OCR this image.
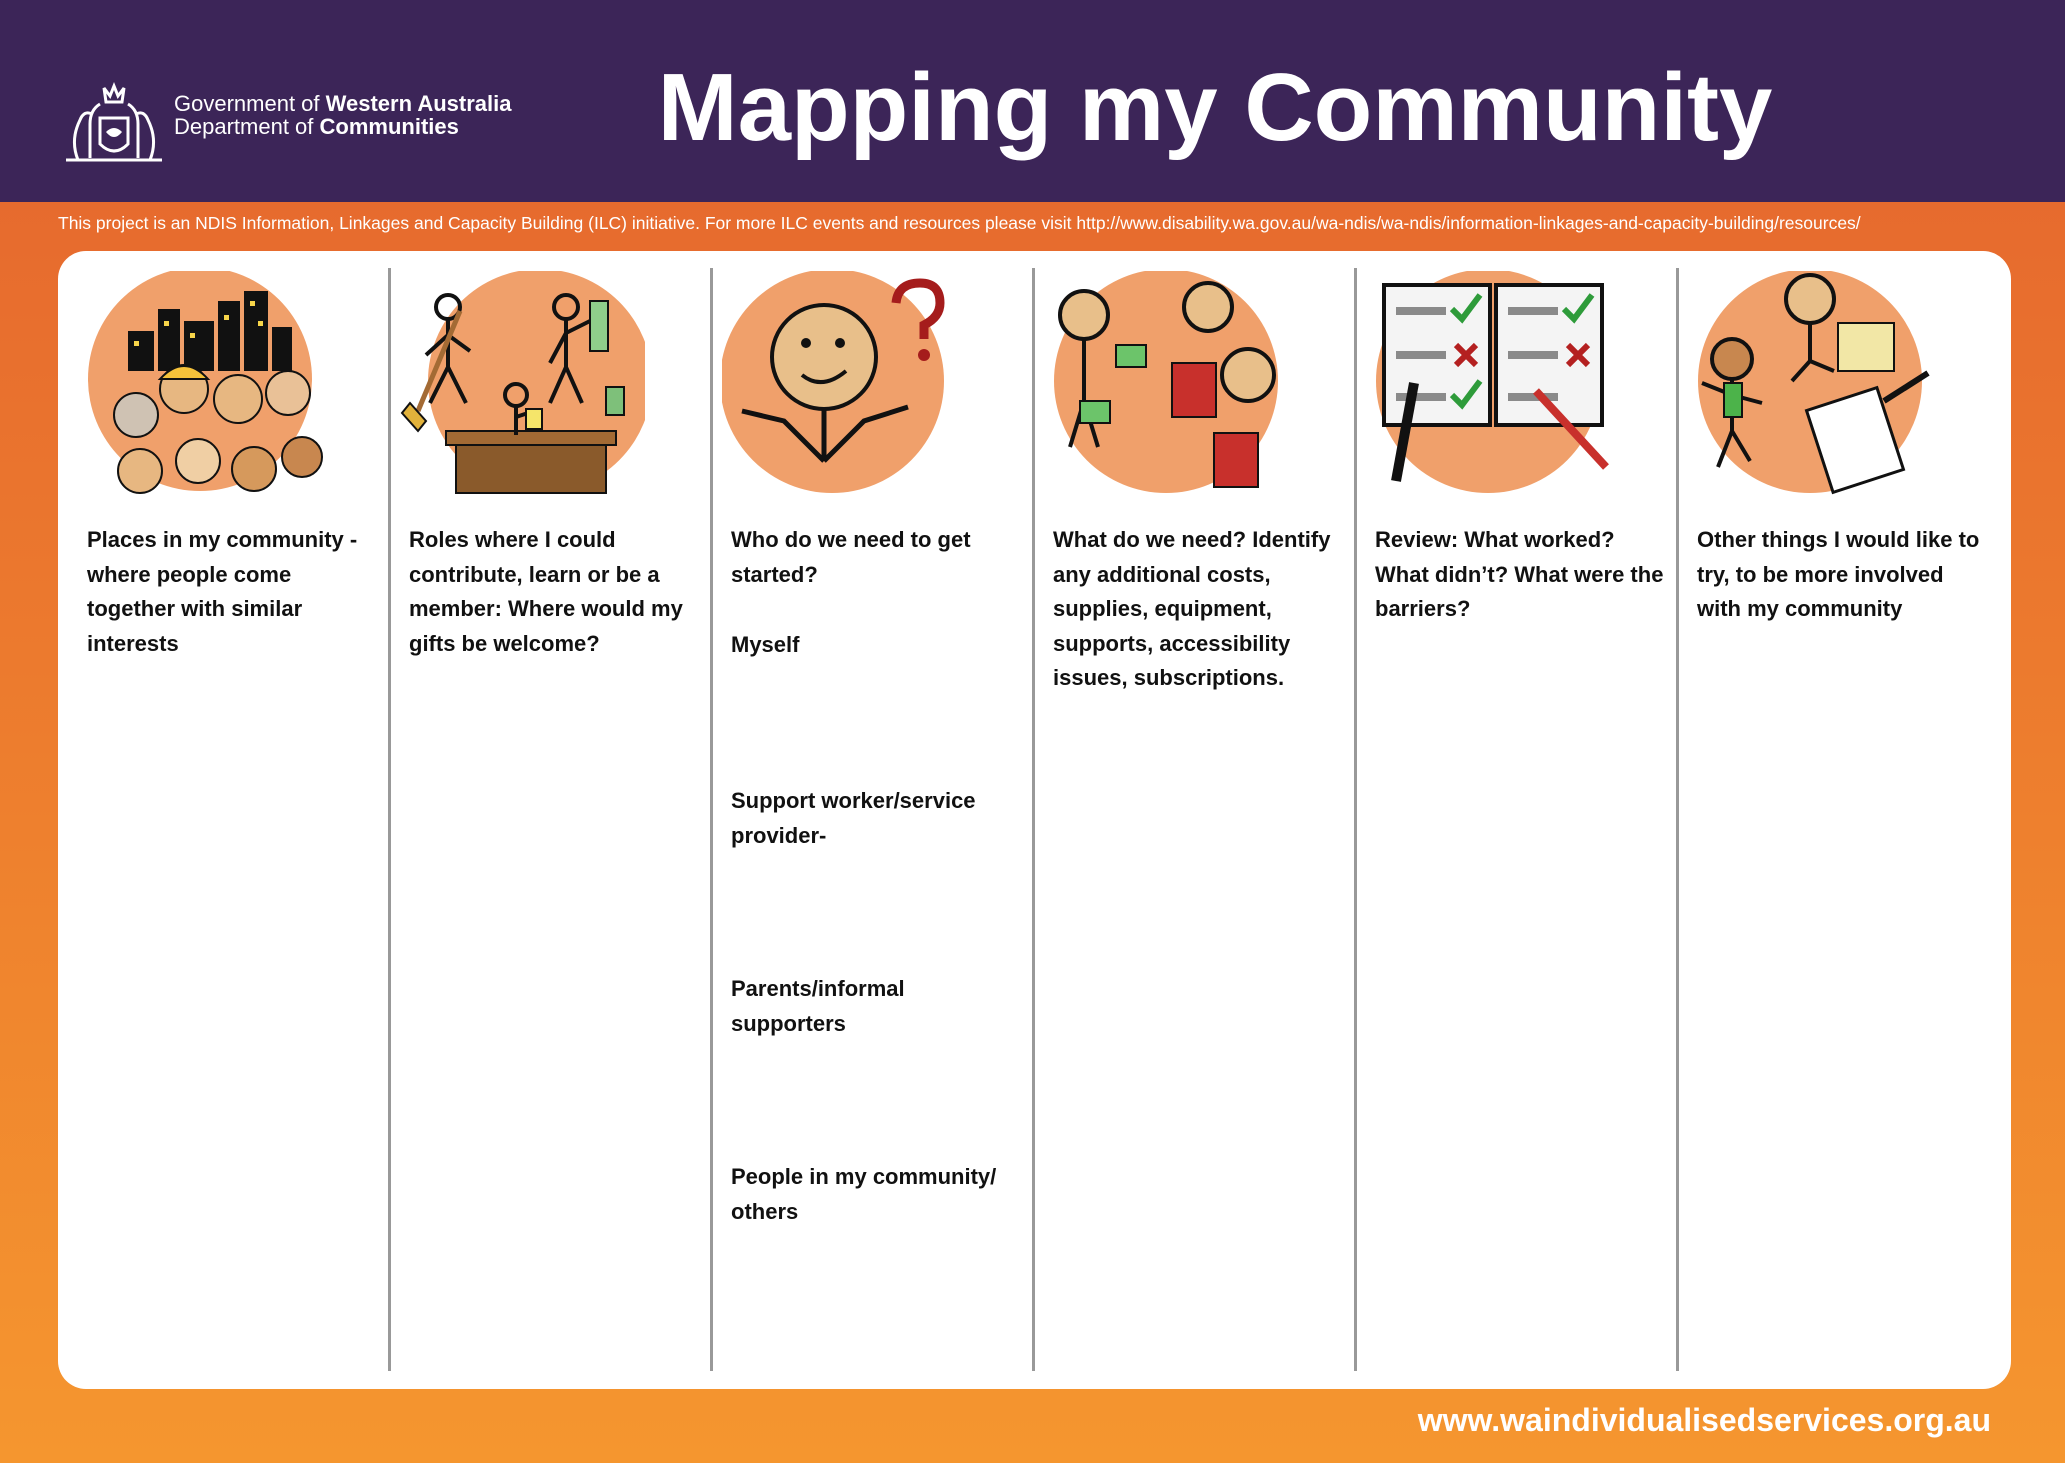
Government of Western Australia
Department of Communities	Mapping my Community
This project is an NDIS Information, Linkages and Capacity Building (ILC) initiative. For more ILC events and resources please visit http://www.disability.wa.gov.au/wa-ndis/wa-ndis/information-linkages-and-capacity-building/resources/
Places in my community - where people come together with similar interests
Roles where I could contribute, learn or be a member: Where would my gifts be welcome?
Who do we need to get started?
Myself
Support worker/service provider-
Parents/informal supporters
People in my community/ others
What do we need? Identify any additional costs, supplies, equipment, supports, accessibility issues, subscriptions.
Review: What worked? What didn’t? What were the barriers?
Other things I would like to try, to be more involved with my community
www.waindividualisedservices.org.au
